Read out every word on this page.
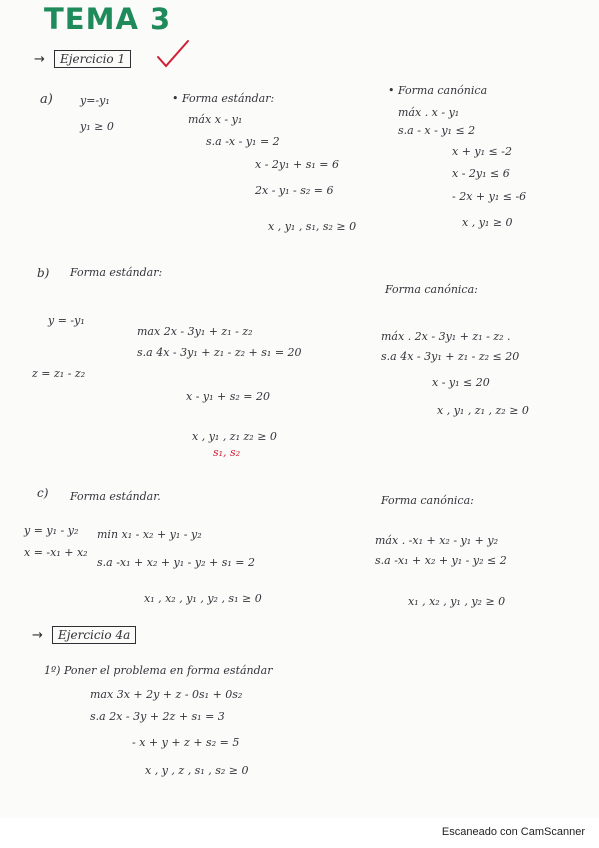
TEMA 3
→	Ejercicio 1
a) y=-y₁
y₁ ≥ 0
• Forma estándar:
máx x - y₁
s.a -x - y₁ = 2
x - 2y₁ + s₁ = 6
2x - y₁ - s₂ = 6
x , y₁ , s₁, s₂ ≥ 0
• Forma canónica
máx . x - y₁
s.a - x - y₁ ≤ 2
x + y₁ ≤ -2
x - 2y₁ ≤ 6
- 2x + y₁ ≤ -6
x , y₁ ≥ 0
b) Forma estándar:
Forma canónica:
y = -y₁
z = z₁ - z₂
max 2x - 3y₁ + z₁ - z₂
s.a 4x - 3y₁ + z₁ - z₂ + s₁ = 20
x - y₁ + s₂ = 20
x , y₁ , z₁ z₂ ≥ 0
s₁, s₂
máx . 2x - 3y₁ + z₁ - z₂ .
s.a 4x - 3y₁ + z₁ - z₂ ≤ 20
x - y₁ ≤ 20
x , y₁ , z₁ , z₂ ≥ 0
c) Forma estándar.	Forma canónica:
y = y₁ - y₂
x = -x₁ + x₂
min x₁ - x₂ + y₁ - y₂
s.a -x₁ + x₂ + y₁ - y₂ + s₁ = 2
x₁ , x₂ , y₁ , y₂ , s₁ ≥ 0
máx . -x₁ + x₂ - y₁ + y₂
s.a -x₁ + x₂ + y₁ - y₂ ≤ 2
x₁ , x₂ , y₁ , y₂ ≥ 0
→	Ejercicio 4a
1º) Poner el problema en forma estándar
max 3x + 2y + z - 0s₁ + 0s₂
s.a 2x - 3y + 2z + s₁ = 3
- x + y + z + s₂ = 5
x , y , z , s₁ , s₂ ≥ 0
Escaneado con CamScanner
